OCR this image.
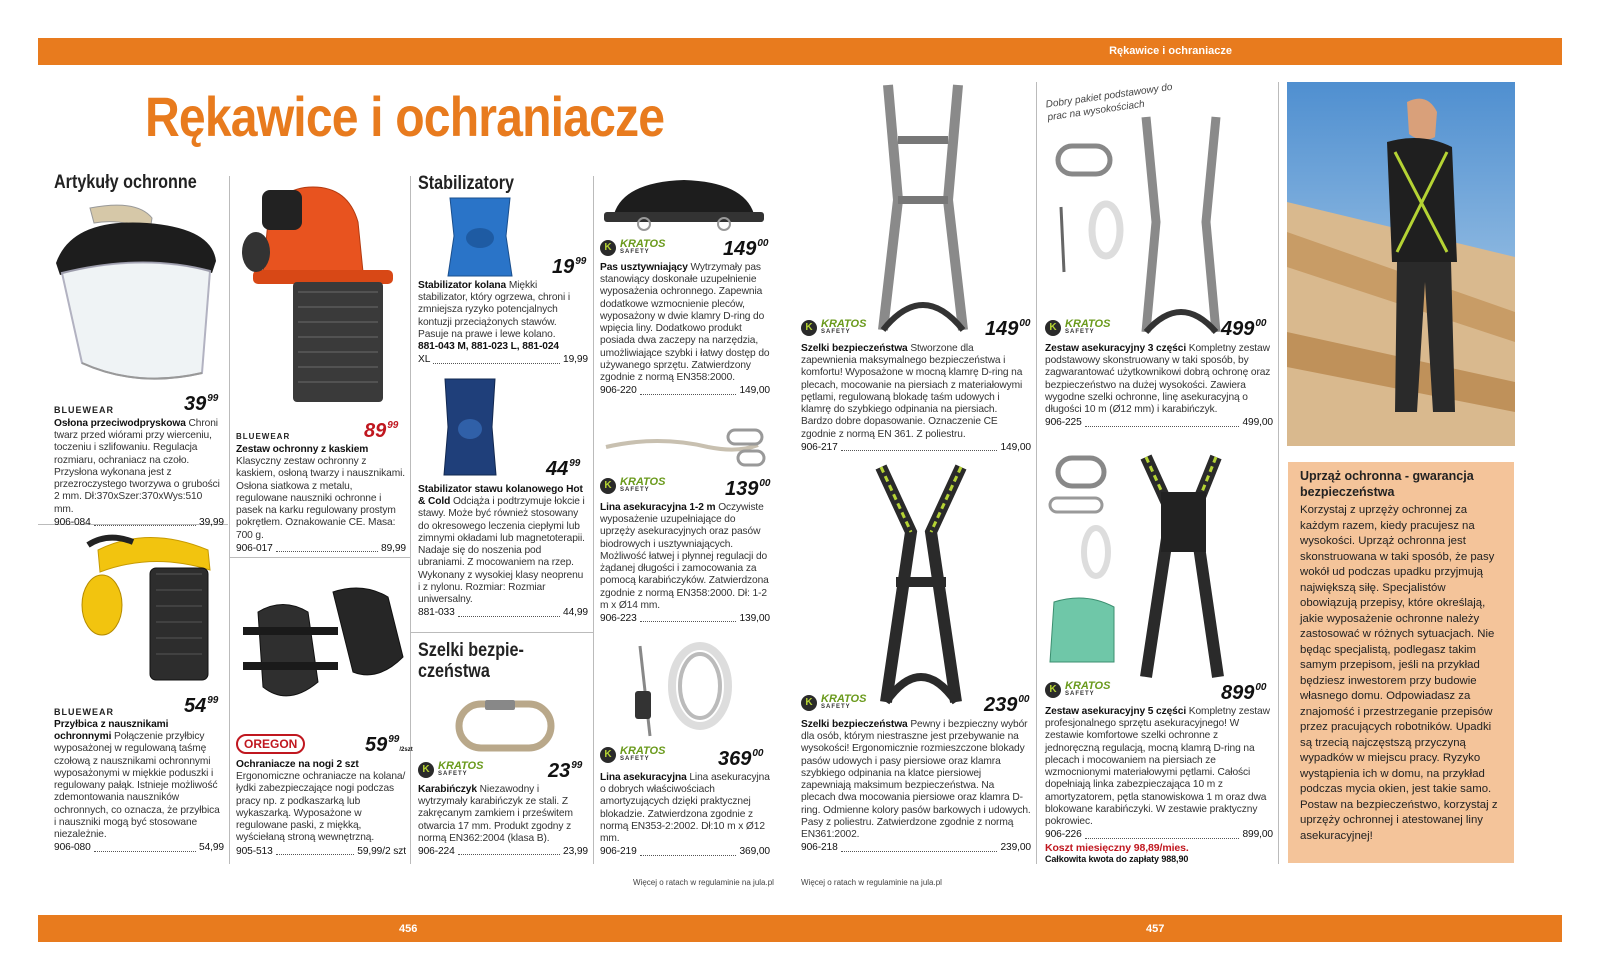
Rękawice i ochraniacze
456	457
Rękawice i ochraniacze
Artykuły ochronne	Stabilizatory
Szelki bezpie-
czeństwa
BLUEWEAR	$39^{99}$
Osłona przeciwodpryskowa Chroni twarz przed wiórami przy wierceniu, toczeniu i szlifowaniu. Regulacja rozmiaru, ochraniacz na czoło. Przysłona wykonana jest z przezroczystego tworzywa o grubości 2 mm. Dł:370xSzer:370xWys:510 mm.
906-084	39,99
BLUEWEAR	$54^{99}$
Przyłbica z nausznikami ochronnymi Połączenie przyłbicy wyposażonej w regulowaną taśmę czołową z nausznikami ochronnymi wyposażonymi w miękkie poduszki i regulowany pałąk. Istnieje możliwość zdemontowania nauszników ochronnych, co oznacza, że przyłbica i nauszniki mogą być stosowane niezależnie.
906-080	54,99
BLUEWEAR	$89^{99}$
Zestaw ochronny z kaskiem Klasyczny zestaw ochronny z kaskiem, osłoną twarzy i nausznikami. Osłona siatkowa z metalu, regulowane nauszniki ochronne i pasek na karku regulowany prostym pokrętłem. Oznakowanie CE. Masa: 700 g.
906-017	89,99
OREGON	$59^{99}/2szt$
Ochraniacze na nogi 2 szt Ergonomiczne ochraniacze na kolana/łydki zabezpieczające nogi podczas pracy np. z podkaszarką lub wykaszarką. Wyposażone w regulowane paski, z miękką, wyściełaną stroną wewnętrzną.
905-513	59,99/2 szt
$19^{99}$
Stabilizator kolana Miękki stabilizator, który ogrzewa, chroni i zmniejsza ryzyko potencjalnych kontuzji przeciążonych stawów. Pasuje na prawe i lewe kolano.
881-043 M, 881-023 L, 881-024
XL	19,99
$44^{99}$
Stabilizator stawu kolanowego Hot & Cold Odciąża i podtrzymuje łokcie i stawy. Może być również stosowany do okresowego leczenia ciepłymi lub zimnymi okładami lub magnetoterapii. Nadaje się do noszenia pod ubraniami. Z mocowaniem na rzep. Wykonany z wysokiej klasy neoprenu i z nylonu. Rozmiar: Rozmiar uniwersalny.
881-033	44,99
K KRATOS
SAFETY	$23^{99}$
Karabińczyk Niezawodny i wytrzymały karabińczyk ze stali. Z zakręcanym zamkiem i prześwitem otwarcia 17 mm. Produkt zgodny z normą EN362:2004 (klasa B).
906-224	23,99
K KRATOS
SAFETY	$149^{00}$
Pas usztywniający Wytrzymały pas stanowiący doskonałe uzupełnienie wyposażenia ochronnego. Zapewnia dodatkowe wzmocnienie pleców, wyposażony w dwie klamry D-ring do wpięcia liny. Dodatkowo produkt posiada dwa zaczepy na narzędzia, umożliwiające szybki i łatwy dostęp do używanego sprzętu. Zatwierdzony zgodnie z normą EN358:2000.
906-220	149,00
K KRATOS
SAFETY	$139^{00}$
Lina asekuracyjna 1-2 m Oczywiste wyposażenie uzupełniające do uprzęży asekuracyjnych oraz pasów biodrowych i usztywniających. Możliwość łatwej i płynnej regulacji do żądanej długości i zamocowania za pomocą karabińczyków. Zatwierdzona zgodnie z normą EN358:2000. Dł: 1-2 m x Ø14 mm.
906-223	139,00
K KRATOS
SAFETY	$369^{00}$
Lina asekuracyjna Lina asekuracyjna o dobrych właściwościach amortyzujących dzięki praktycznej blokadzie. Zatwierdzona zgodnie z normą EN353-2:2002. Dł:10 m x Ø12 mm.
906-219	369,00
Więcej o ratach w regulaminie na jula.pl
K KRATOS
SAFETY	$149^{00}$
Szelki bezpieczeństwa Stworzone dla zapewnienia maksymalnego bezpieczeństwa i komfortu! Wyposażone w mocną klamrę D-ring na plecach, mocowanie na piersiach z materiałowymi pętlami, regulowaną blokadę taśm udowych i klamrę do szybkiego odpinania na piersiach. Bardzo dobre dopasowanie. Oznaczenie CE zgodnie z normą EN 361. Z poliestru.
906-217	149,00
K KRATOS
SAFETY	$239^{00}$
Szelki bezpieczeństwa Pewny i bezpieczny wybór dla osób, którym niestraszne jest przebywanie na wysokości! Ergonomicznie rozmieszczone blokady pasów udowych i pasy piersiowe oraz klamra szybkiego odpinania na klatce piersiowej zapewniają maksimum bezpieczeństwa. Na plecach dwa mocowania piersiowe oraz klamra D-ring. Odmienne kolory pasów barkowych i udowych. Pasy z poliestru. Zatwierdzone zgodnie z normą EN361:2002.
906-218	239,00
Więcej o ratach w regulaminie na jula.pl
Dobry pakiet podstawowy do prac na wysokościach
K KRATOS
SAFETY	$499^{00}$
Zestaw asekuracyjny 3 części Kompletny zestaw podstawowy skonstruowany w taki sposób, by zagwarantować użytkownikowi dobrą ochronę oraz bezpieczeństwo na dużej wysokości. Zawiera wygodne szelki ochronne, linę asekuracyjną o długości 10 m (Ø12 mm) i karabińczyk.
906-225	499,00
K KRATOS
SAFETY	$899^{00}$
Zestaw asekuracyjny 5 części Kompletny zestaw profesjonalnego sprzętu asekuracyjnego! W zestawie komfortowe szelki ochronne z jednoręczną regulacją, mocną klamrą D-ring na plecach i mocowaniem na piersiach ze wzmocnionymi materiałowymi pętlami. Całości dopełniają linka zabezpieczająca 10 m z amortyzatorem, pętla stanowiskowa 1 m oraz dwa blokowane karabińczyki. W zestawie praktyczny pokrowiec.
906-226	899,00
Koszt miesięczny 98,89/mies.
Całkowita kwota do zapłaty 988,90
Uprząż ochronna - gwarancja bezpieczeństwa
Korzystaj z uprzęży ochronnej za każdym razem, kiedy pracujesz na wysokości. Uprząż ochronna jest skonstruowana w taki sposób, że pasy wokół ud podczas upadku przyjmują największą siłę. Specjalistów obowiązują przepisy, które określają, jakie wyposażenie ochronne należy zastosować w różnych sytuacjach. Nie będąc specjalistą, podlegasz takim samym przepisom, jeśli na przykład będziesz inwestorem przy budowie własnego domu. Odpowiadasz za znajomość i przestrzeganie przepisów przez pracujących robotników. Upadki są trzecią najczęstszą przyczyną wypadków w miejscu pracy. Ryzyko wystąpienia ich w domu, na przykład podczas mycia okien, jest takie samo. Postaw na bezpieczeństwo, korzystaj z uprzęży ochronnej i atestowanej liny asekuracyjnej!
